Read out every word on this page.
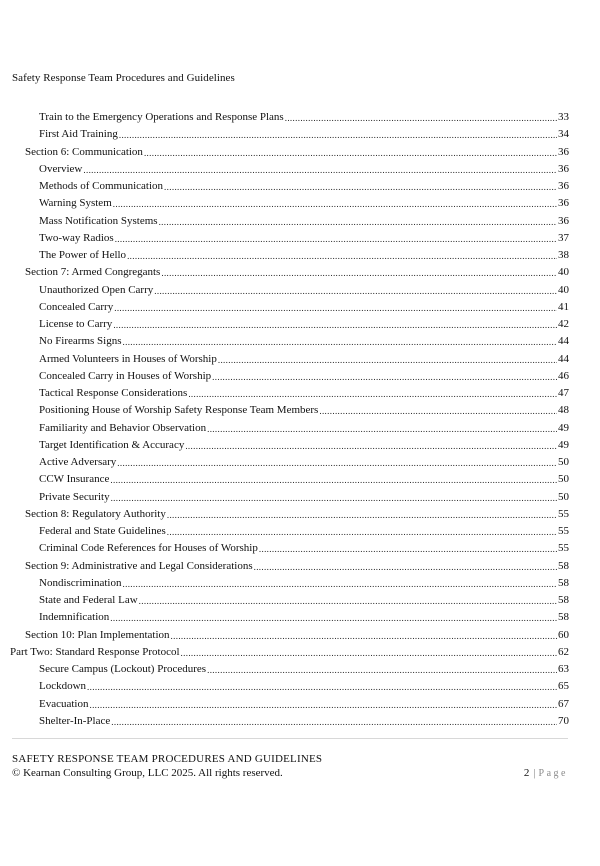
Safety Response Team Procedures and Guidelines
Train to the Emergency Operations and Response Plans .....	33
First Aid Training .....	34
Section 6: Communication .....	36
Overview .....	36
Methods of Communication .....	36
Warning System .....	36
Mass Notification Systems .....	36
Two-way Radios .....	37
The Power of Hello .....	38
Section 7: Armed Congregants .....	40
Unauthorized Open Carry .....	40
Concealed Carry .....	41
License to Carry .....	42
No Firearms Signs .....	44
Armed Volunteers in Houses of Worship .....	44
Concealed Carry in Houses of Worship .....	46
Tactical Response Considerations .....	47
Positioning House of Worship Safety Response Team Members .....	48
Familiarity and Behavior Observation .....	49
Target Identification & Accuracy .....	49
Active Adversary .....	50
CCW Insurance .....	50
Private Security .....	50
Section 8: Regulatory Authority .....	55
Federal and State Guidelines .....	55
Criminal Code References for Houses of Worship .....	55
Section 9: Administrative and Legal Considerations .....	58
Nondiscrimination .....	58
State and Federal Law .....	58
Indemnification .....	58
Section 10: Plan Implementation .....	60
Part Two: Standard Response Protocol .....	62
Secure Campus (Lockout) Procedures .....	63
Lockdown .....	65
Evacuation .....	67
Shelter-In-Place .....	70
SAFETY RESPONSE TEAM PROCEDURES AND GUIDELINES
© Kearnan Consulting Group, LLC 2025. All rights reserved.	2 | Page
